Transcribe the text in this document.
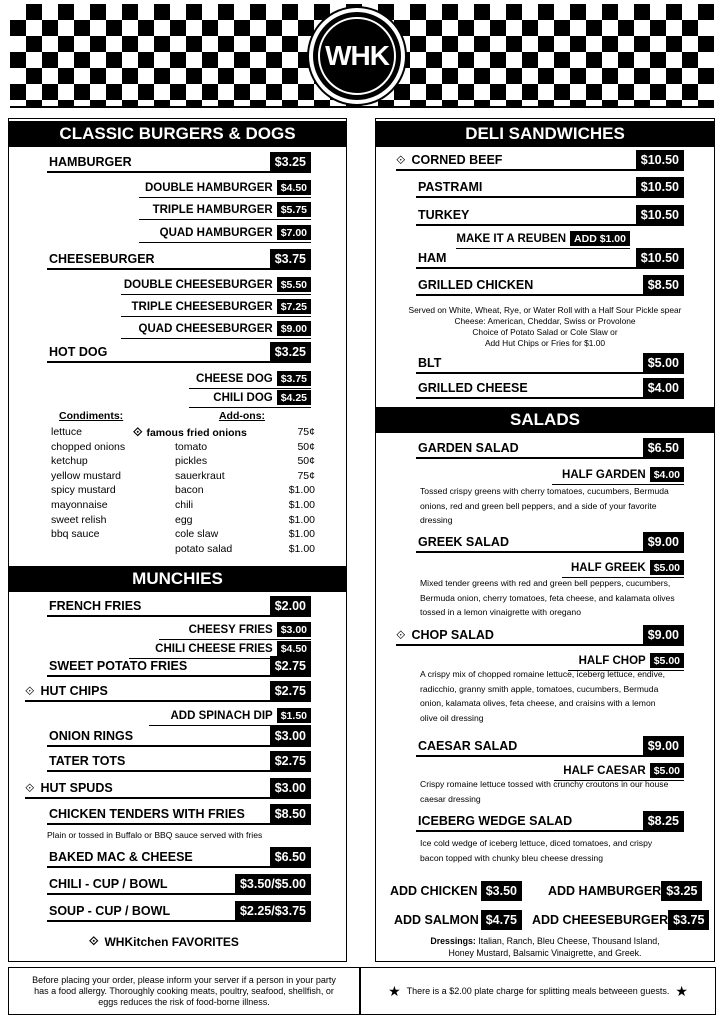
WHK
CLASSIC BURGERS & DOGS
HAMBURGER	$3.25
DOUBLE HAMBURGER $4.50
TRIPLE HAMBURGER $5.75
QUAD HAMBURGER $7.00
CHEESEBURGER	$3.75
DOUBLE CHEESEBURGER $5.50
TRIPLE CHEESEBURGER $7.25
QUAD CHEESEBURGER $9.00
HOT DOG	$3.25
CHEESE DOG $3.75
CHILI DOG $4.25
Condiments:
lettuce
chopped onions
ketchup
yellow mustard
spicy mustard
mayonnaise
sweet relish
bbq sauce
Add-ons:
⟐ famous fried onions	75¢
tomato	50¢
pickles	50¢
sauerkraut	75¢
bacon	$1.00
chili	$1.00
egg	$1.00
cole slaw	$1.00
potato salad	$1.00
MUNCHIES
FRENCH FRIES	$2.00
CHEESY FRIES $3.00
CHILI CHEESE FRIES $4.50
SWEET POTATO FRIES	$2.75
⟐ HUT CHIPS	$2.75
ADD SPINACH DIP $1.50
ONION RINGS	$3.00
TATER TOTS	$2.75
⟐ HUT SPUDS	$3.00
CHICKEN TENDERS WITH FRIES	$8.50
Plain or tossed in Buffalo or BBQ sauce served with fries
BAKED MAC & CHEESE	$6.50
CHILI - CUP / BOWL	$3.50/$5.00
SOUP - CUP / BOWL	$2.25/$3.75
⟐ WHKitchen FAVORITES
DELI SANDWICHES
⟐ CORNED BEEF	$10.50
PASTRAMI	$10.50
TURKEY	$10.50
MAKE IT A REUBEN ADD $1.00
HAM	$10.50
GRILLED CHICKEN	$8.50
Served on White, Wheat, Rye, or Water Roll with a Half Sour Pickle spear
Cheese: American, Cheddar, Swiss or Provolone
Choice of Potato Salad or Cole Slaw or
Add Hut Chips or Fries for $1.00
BLT	$5.00
GRILLED CHEESE	$4.00
SALADS
GARDEN SALAD	$6.50
HALF GARDEN $4.00
Tossed crispy greens with cherry tomatoes, cucumbers, Bermuda
onions, red and green bell peppers, and a side of your favorite
dressing
GREEK SALAD	$9.00
HALF GREEK $5.00
Mixed tender greens with red and green bell peppers, cucumbers,
Bermuda onion, cherry tomatoes, feta cheese, and kalamata olives
tossed in a lemon vinaigrette with oregano
⟐ CHOP SALAD	$9.00
HALF CHOP $5.00
A crispy mix of chopped romaine lettuce, iceberg lettuce, endive,
radicchio, granny smith apple, tomatoes, cucumbers, Bermuda
onion, kalamata olives, feta cheese, and craisins with a lemon
olive oil dressing
CAESAR SALAD	$9.00
HALF CAESAR $5.00
Crispy romaine lettuce tossed with crunchy croutons in our house
caesar dressing
ICEBERG WEDGE SALAD	$8.25
Ice cold wedge of iceberg lettuce, diced tomatoes, and crispy
bacon topped with chunky bleu cheese dressing
ADD CHICKEN $3.50	ADD HAMBURGER $3.25
ADD SALMON $4.75	ADD CHEESEBURGER $3.75
Dressings: Italian, Ranch, Bleu Cheese, Thousand Island,
Honey Mustard, Balsamic Vinaigrette, and Greek.
Before placing your order, please inform your server if a person in your party
has a food allergy. Thoroughly cooking meats, poultry, seafood, shellfish, or
eggs reduces the risk of food-borne illness.
★ There is a $2.00 plate charge for splitting meals betweeen guests. ★
